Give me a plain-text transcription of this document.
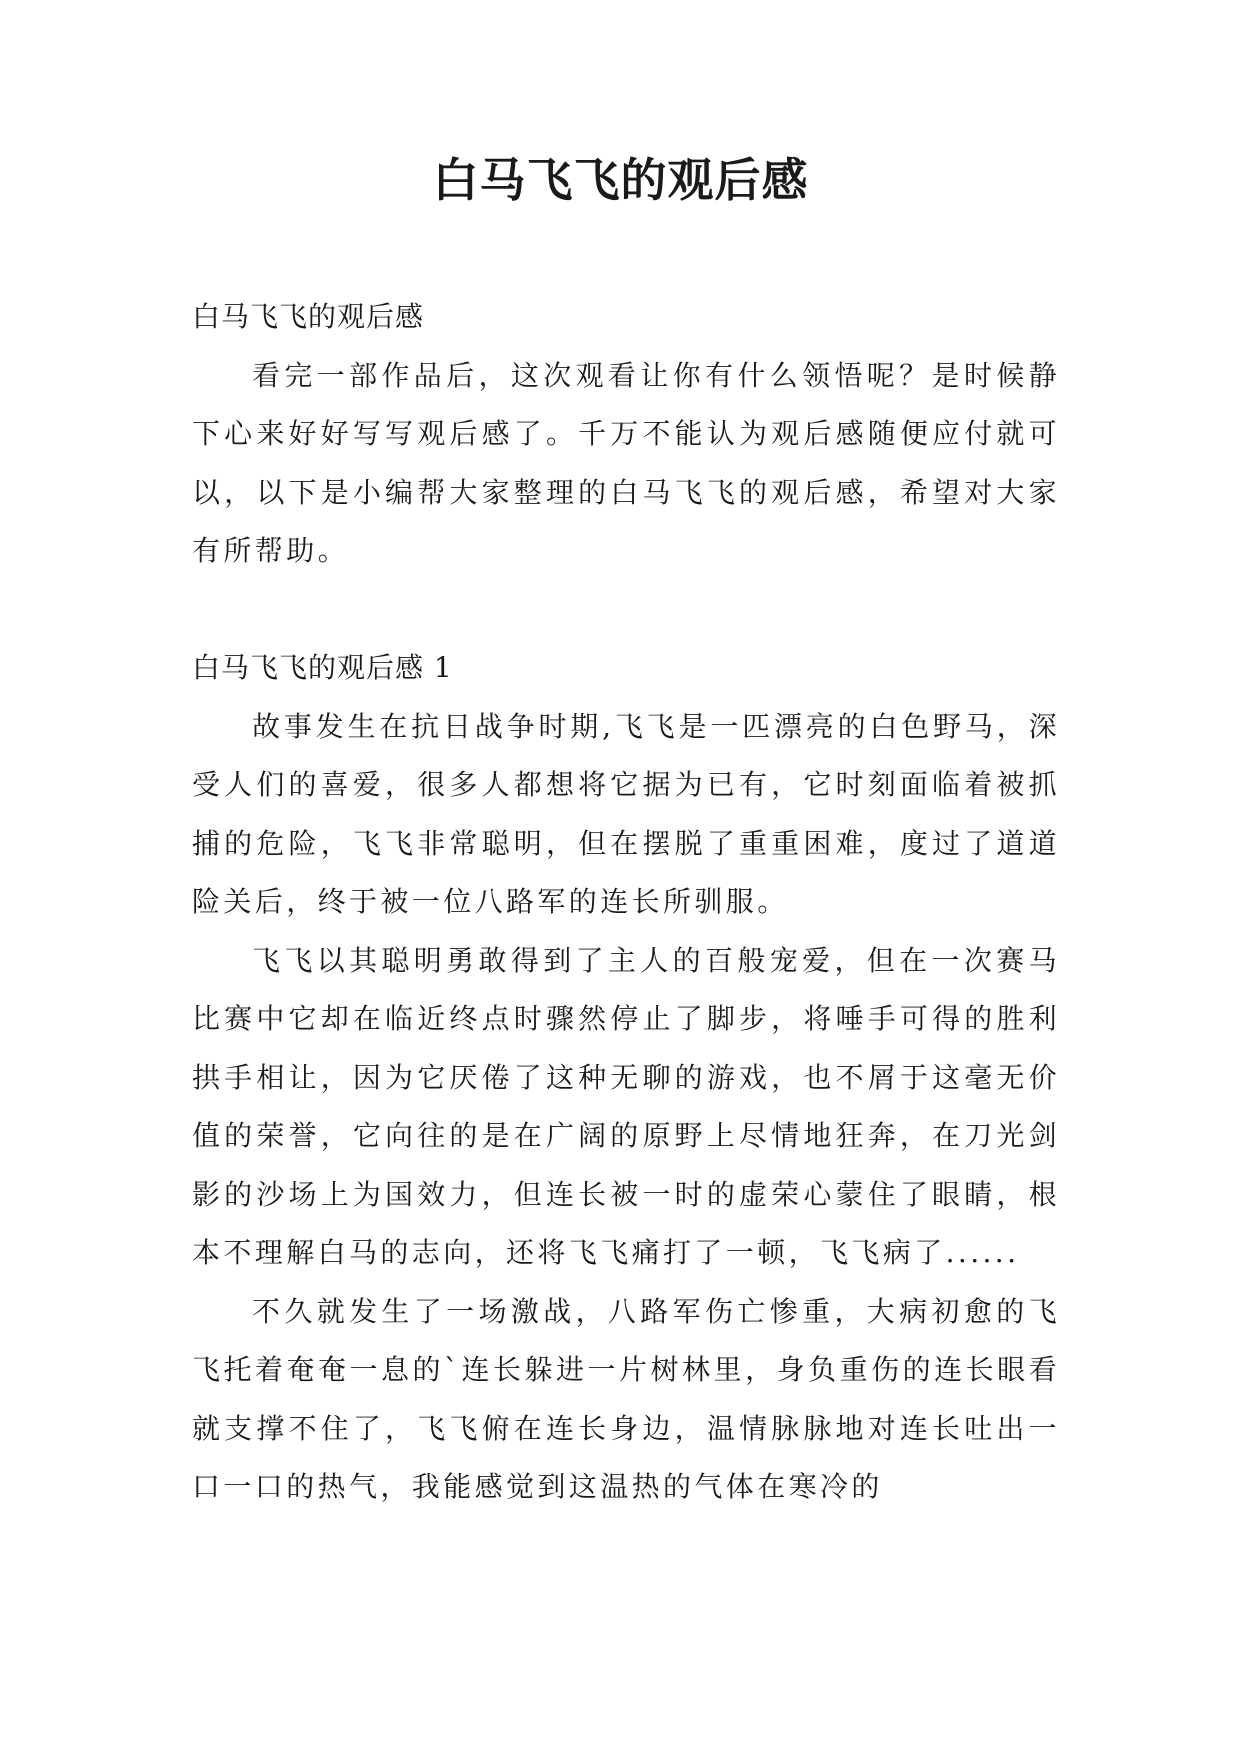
白马飞飞的观后感

白马飞飞的观后感

看完一部作品后，这次观看让你有什么领悟呢？是时候静下心来好好写写观后感了。千万不能认为观后感随便应付就可以，以下是小编帮大家整理的白马飞飞的观后感，希望对大家有所帮助。

白马飞飞的观后感 1

故事发生在抗日战争时期,飞飞是一匹漂亮的白色野马，深受人们的喜爱，很多人都想将它据为已有，它时刻面临着被抓捕的危险，飞飞非常聪明，但在摆脱了重重困难，度过了道道险关后，终于被一位八路军的连长所驯服。

飞飞以其聪明勇敢得到了主人的百般宠爱，但在一次赛马比赛中它却在临近终点时骤然停止了脚步，将唾手可得的胜利拱手相让，因为它厌倦了这种无聊的游戏，也不屑于这毫无价值的荣誉，它向往的是在广阔的原野上尽情地狂奔，在刀光剑影的沙场上为国效力，但连长被一时的虚荣心蒙住了眼睛，根本不理解白马的志向，还将飞飞痛打了一顿，飞飞病了......

不久就发生了一场激战，八路军伤亡惨重，大病初愈的飞飞托着奄奄一息的`连长躲进一片树林里，身负重伤的连长眼看就支撑不住了，飞飞俯在连长身边，温情脉脉地对连长吐出一口一口的热气，我能感觉到这温热的气体在寒冷的
